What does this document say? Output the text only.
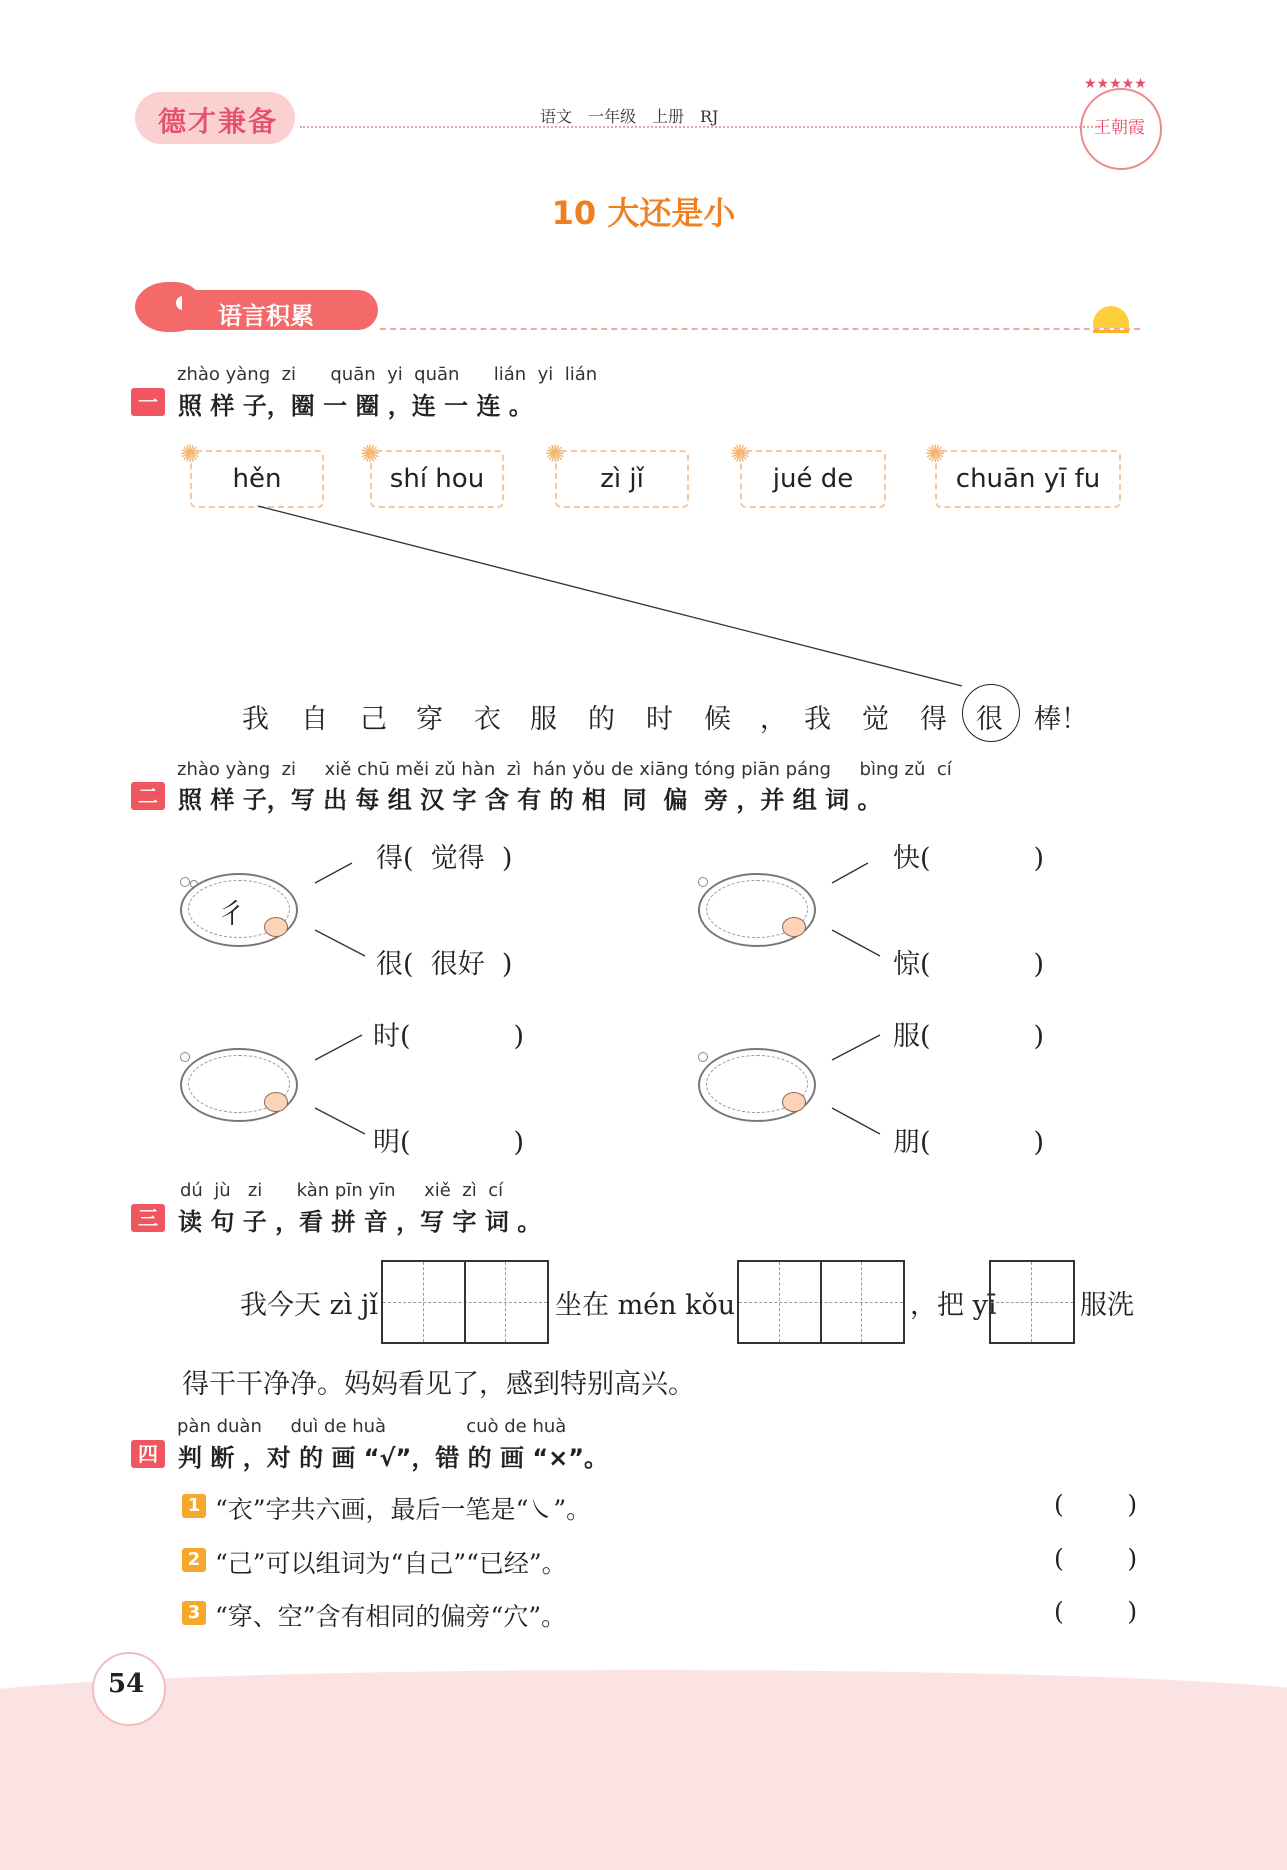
德才兼备	语文　一年级　上册　RJ
★★★★★
王朝霞
10 大还是小
语言积累
zhào yàng  zi      quān  yi  quān      lián  yi  lián
一 照 样 子，圈 一 圈 ，连 一 连 。
✺
hěn
✺
shí hou
✺
zì jǐ
✺
jué de
✺
chuān yī fu
我 自 己 穿 衣 服 的 时 候 ， 我 觉 得 很 棒！
zhào yàng  zi     xiě chū měi zǔ hàn  zì  hán yǒu de xiāng tóng piān páng     bìng zǔ  cí
二 照 样 子，写 出 每 组 汉 字 含 有 的 相  同  偏  旁 ，并 组 词 。
彳
得(  觉得  )
很(  很好  )
快(            )
惊(            )
时(            )
明(            )
服(            )
朋(            )
dú  jù   zi      kàn pīn yīn     xiě  zì  cí
三 读 句 子 ，看 拼 音 ，写 字 词 。
我今天 zì jǐ	坐在 mén kǒu	，把 yī	服洗
得干干净净。妈妈看见了，感到特别高兴。
pàn duàn     duì de huà              cuò de huà
四 判 断 ，对 的 画 “√”，错 的 画 “×”。
1 “衣”字共六画，最后一笔是“㇏”。	(        )
2 “己”可以组词为“自己”“已经”。	(        )
3 “穿、空”含有相同的偏旁“穴”。	(        )
54
